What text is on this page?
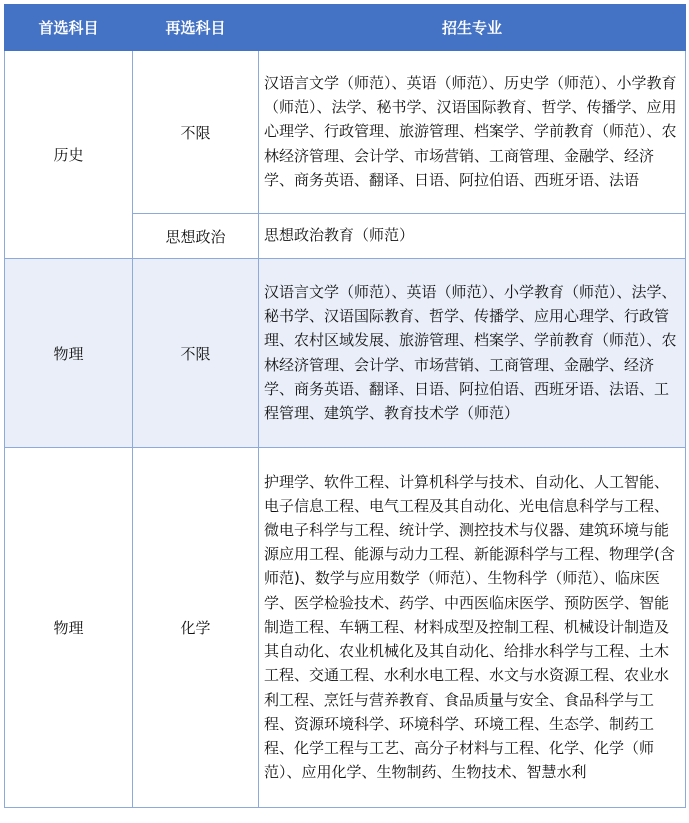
首选科目	再选科目	招生专业
历史	不限	汉语言文学（师范）、英语（师范）、历史学（师范）、小学教育（师范）、法学、秘书学、汉语国际教育、哲学、传播学、应用心理学、行政管理、旅游管理、档案学、学前教育（师范）、农林经济管理、会计学、市场营销、工商管理、金融学、经济学、商务英语、翻译、日语、阿拉伯语、西班牙语、法语
	思想政治	思想政治教育（师范）
物理	不限	汉语言文学（师范）、英语（师范）、小学教育（师范）、法学、秘书学、汉语国际教育、哲学、传播学、应用心理学、行政管理、农村区域发展、旅游管理、档案学、学前教育（师范）、农林经济管理、会计学、市场营销、工商管理、金融学、经济学、商务英语、翻译、日语、阿拉伯语、西班牙语、法语、工程管理、建筑学、教育技术学（师范）
物理	化学	护理学、软件工程、计算机科学与技术、自动化、人工智能、电子信息工程、电气工程及其自动化、光电信息科学与工程、微电子科学与工程、统计学、测控技术与仪器、建筑环境与能源应用工程、能源与动力工程、新能源科学与工程、物理学(含师范)、数学与应用数学（师范）、生物科学（师范）、临床医学、医学检验技术、药学、中西医临床医学、预防医学、智能制造工程、车辆工程、材料成型及控制工程、机械设计制造及其自动化、农业机械化及其自动化、给排水科学与工程、土木工程、交通工程、水利水电工程、水文与水资源工程、农业水利工程、烹饪与营养教育、食品质量与安全、食品科学与工程、资源环境科学、环境科学、环境工程、生态学、制药工程、化学工程与工艺、高分子材料与工程、化学、化学（师范）、应用化学、生物制药、生物技术、智慧水利
